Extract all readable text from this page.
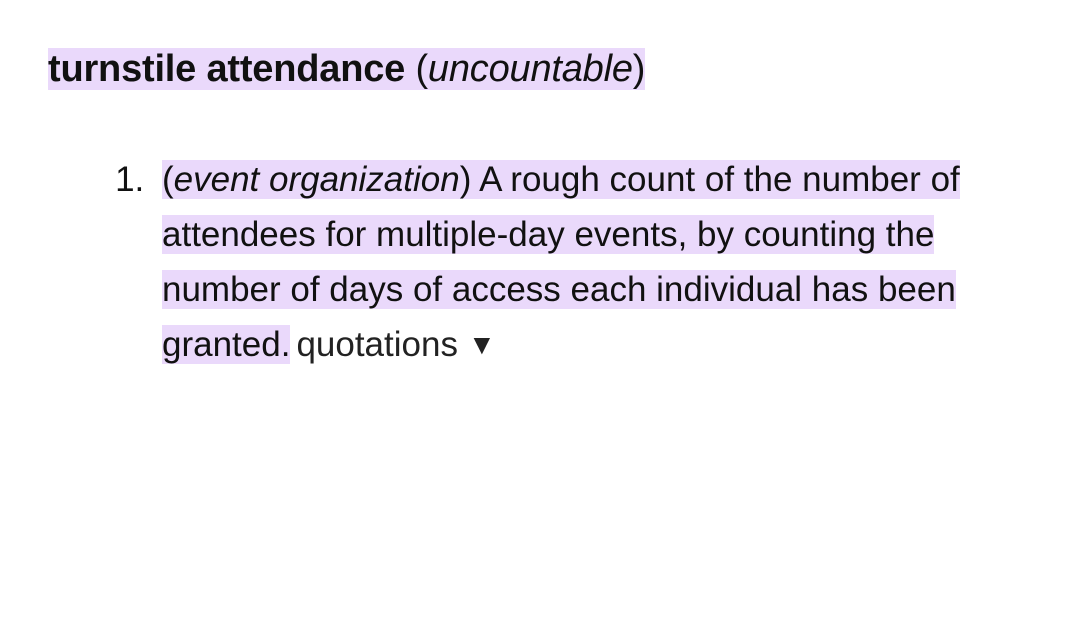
turnstile attendance (uncountable)
1. (event organization) A rough count of the number of attendees for multiple-day events, by counting the number of days of access each individual has been granted. quotations ▼
